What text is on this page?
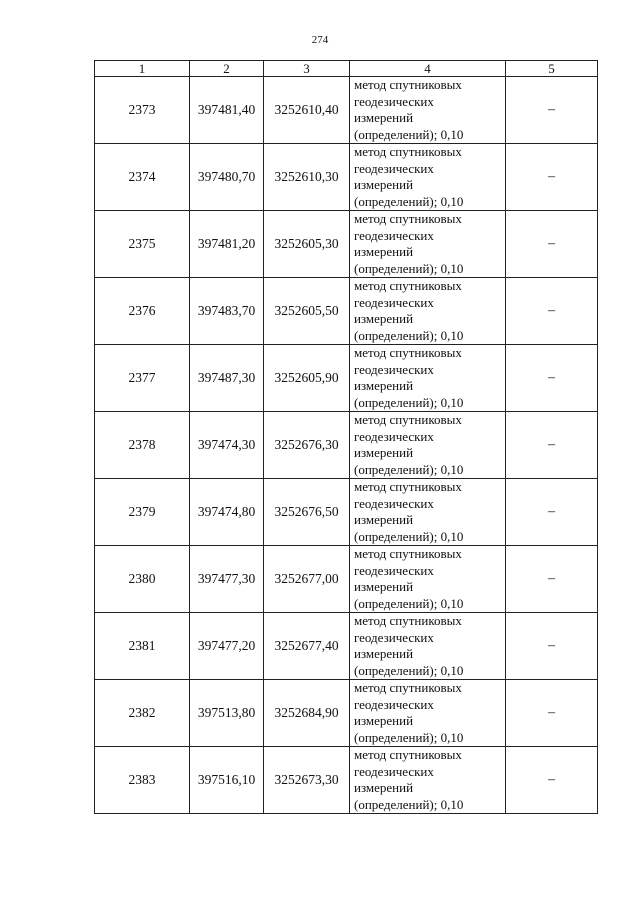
274
1	2	3	4	5
2373	397481,40	3252610,40	метод спутниковых
геодезических
измерений
(определений); 0,10	–
2374	397480,70	3252610,30	метод спутниковых
геодезических
измерений
(определений); 0,10	–
2375	397481,20	3252605,30	метод спутниковых
геодезических
измерений
(определений); 0,10	–
2376	397483,70	3252605,50	метод спутниковых
геодезических
измерений
(определений); 0,10	–
2377	397487,30	3252605,90	метод спутниковых
геодезических
измерений
(определений); 0,10	–
2378	397474,30	3252676,30	метод спутниковых
геодезических
измерений
(определений); 0,10	–
2379	397474,80	3252676,50	метод спутниковых
геодезических
измерений
(определений); 0,10	–
2380	397477,30	3252677,00	метод спутниковых
геодезических
измерений
(определений); 0,10	–
2381	397477,20	3252677,40	метод спутниковых
геодезических
измерений
(определений); 0,10	–
2382	397513,80	3252684,90	метод спутниковых
геодезических
измерений
(определений); 0,10	–
2383	397516,10	3252673,30	метод спутниковых
геодезических
измерений
(определений); 0,10	–
